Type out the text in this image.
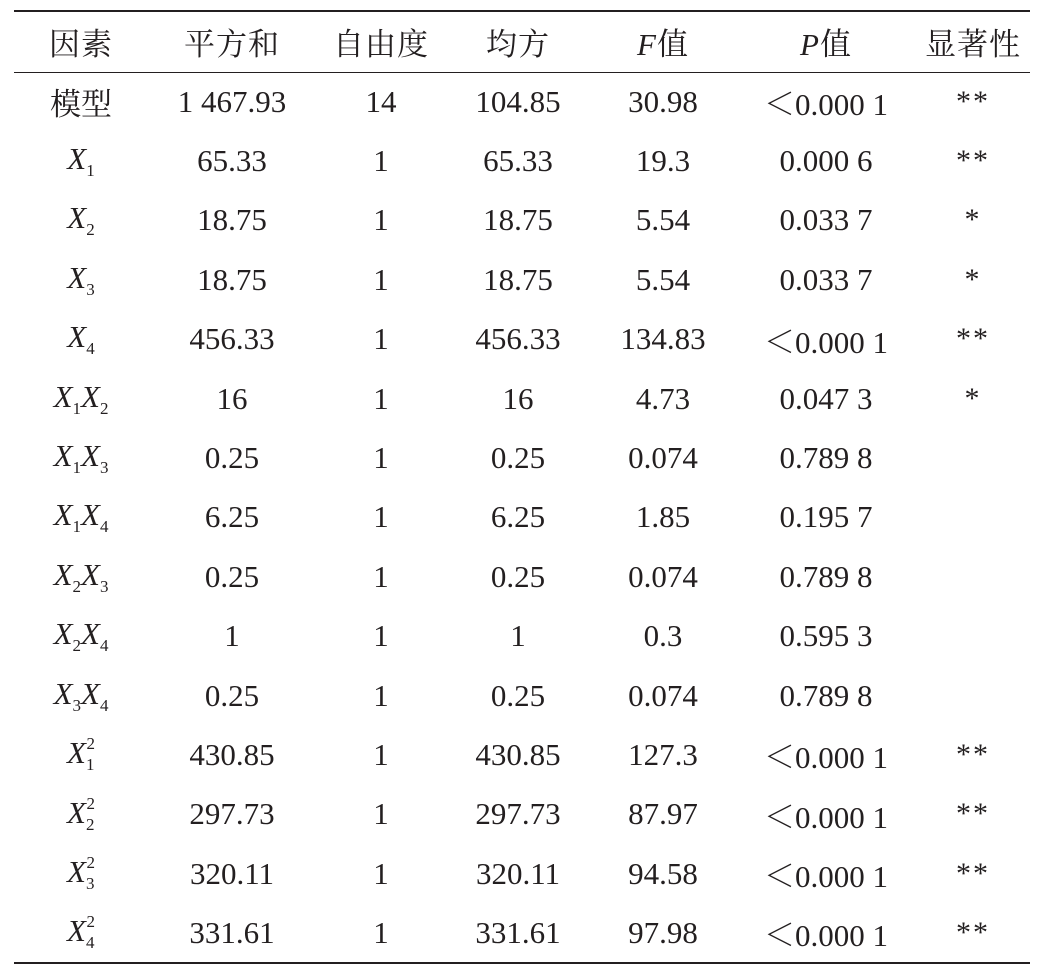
因素	平方和	自由度	均方	F值	P值	显著性
模型	1 467.93	14	104.85	30.98	＜0.000 1	**
$X_1$	65.33	1	65.33	19.3	0.000 6	**
$X_2$	18.75	1	18.75	5.54	0.033 7	*
$X_3$	18.75	1	18.75	5.54	0.033 7	*
$X_4$	456.33	1	456.33	134.83	＜0.000 1	**
$X_1X_2$	16	1	16	4.73	0.047 3	*
$X_1X_3$	0.25	1	0.25	0.074	0.789 8	
$X_1X_4$	6.25	1	6.25	1.85	0.195 7	
$X_2X_3$	0.25	1	0.25	0.074	0.789 8	
$X_2X_4$	1	1	1	0.3	0.595 3	
$X_3X_4$	0.25	1	0.25	0.074	0.789 8	
$X_1^2$	430.85	1	430.85	127.3	＜0.000 1	**
$X_2^2$	297.73	1	297.73	87.97	＜0.000 1	**
$X_3^2$	320.11	1	320.11	94.58	＜0.000 1	**
$X_4^2$	331.61	1	331.61	97.98	＜0.000 1	**
